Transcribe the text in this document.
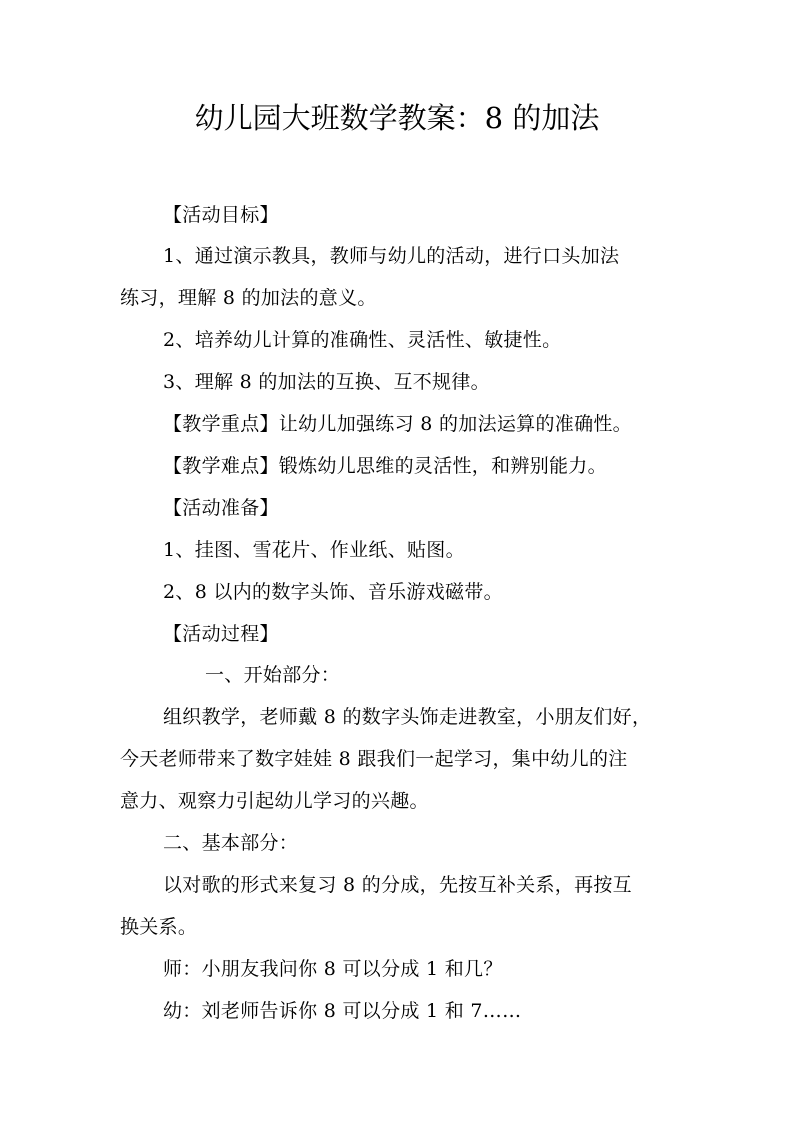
幼儿园大班数学教案：8 的加法
【活动目标】
1、通过演示教具，教师与幼儿的活动，进行口头加法
练习，理解 8 的加法的意义。
2、培养幼儿计算的准确性、灵活性、敏捷性。
3、理解 8 的加法的互换、互不规律。
【教学重点】让幼儿加强练习 8 的加法运算的准确性。
【教学难点】锻炼幼儿思维的灵活性，和辨别能力。
【活动准备】
1、挂图、雪花片、作业纸、贴图。
2、8 以内的数字头饰、音乐游戏磁带。
【活动过程】
一、开始部分：
组织教学，老师戴 8 的数字头饰走进教室，小朋友们好，
今天老师带来了数字娃娃 8 跟我们一起学习，集中幼儿的注
意力、观察力引起幼儿学习的兴趣。
二、基本部分：
以对歌的形式来复习 8 的分成，先按互补关系，再按互
换关系。
师：小朋友我问你 8 可以分成 1 和几？
幼：刘老师告诉你 8 可以分成 1 和 7……
